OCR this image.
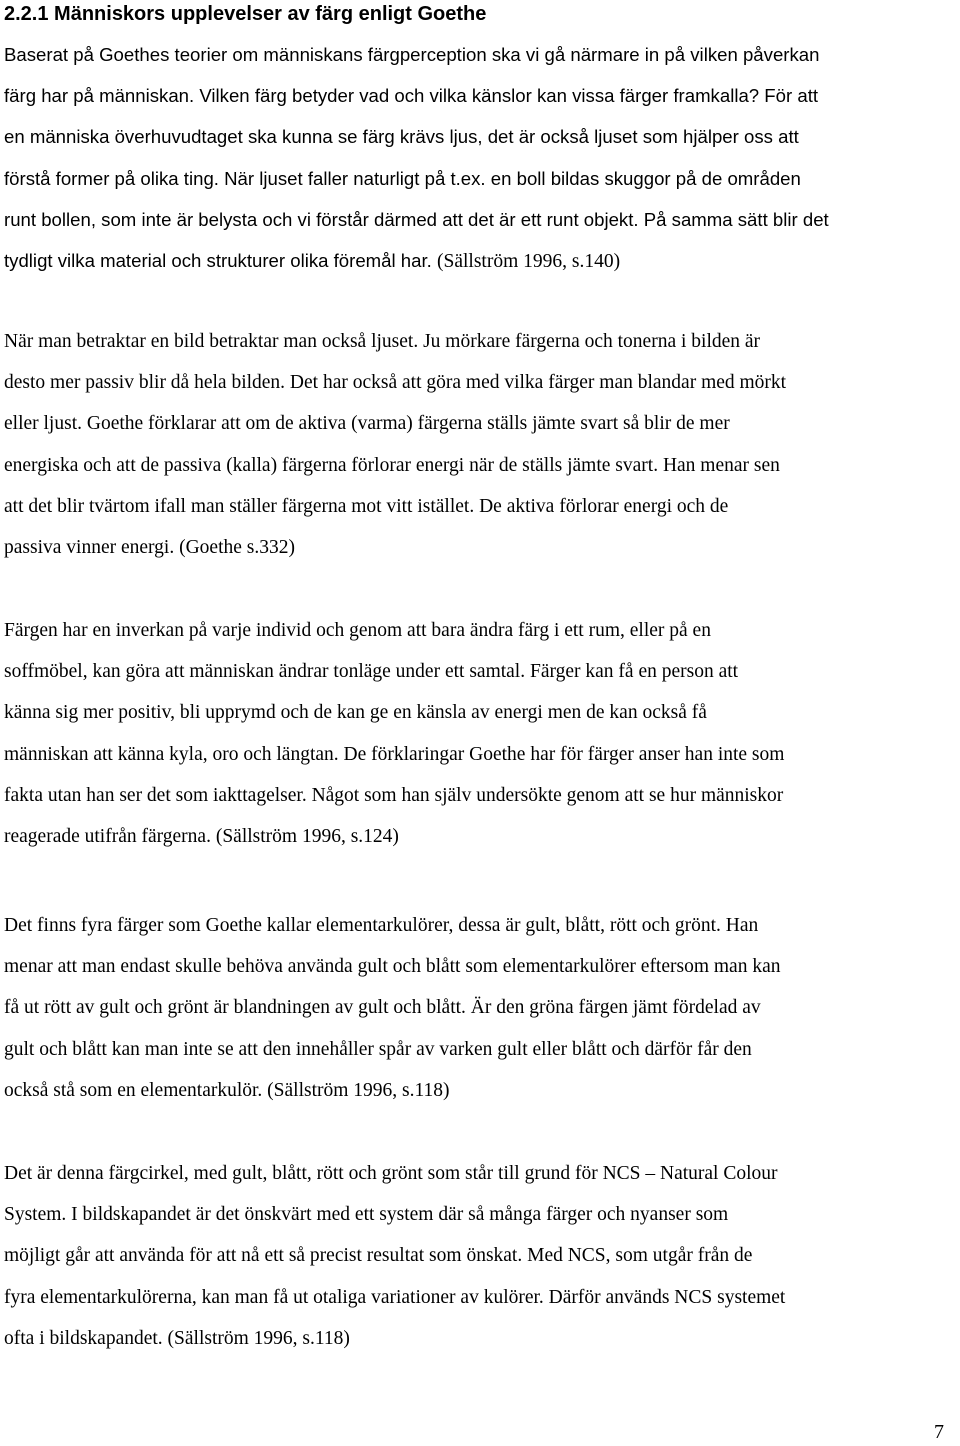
2.2.1 Människors upplevelser av färg enligt Goethe

Baserat på Goethes teorier om människans färgperception ska vi gå närmare in på vilken påverkan
färg har på människan. Vilken färg betyder vad och vilka känslor kan vissa färger framkalla? För att
en människa överhuvudtaget ska kunna se färg krävs ljus, det är också ljuset som hjälper oss att
förstå former på olika ting. När ljuset faller naturligt på t.ex. en boll bildas skuggor på de områden
runt bollen, som inte är belysta och vi förstår därmed att det är ett runt objekt. På samma sätt blir det
tydligt vilka material och strukturer olika föremål har. (Sällström 1996, s.140)

När man betraktar en bild betraktar man också ljuset. Ju mörkare färgerna och tonerna i bilden är
desto mer passiv blir då hela bilden. Det har också att göra med vilka färger man blandar med mörkt
eller ljust. Goethe förklarar att om de aktiva (varma) färgerna ställs jämte svart så blir de mer
energiska och att de passiva (kalla) färgerna förlorar energi när de ställs jämte svart. Han menar sen
att det blir tvärtom ifall man ställer färgerna mot vitt istället. De aktiva förlorar energi och de
passiva vinner energi. (Goethe s.332)

Färgen har en inverkan på varje individ och genom att bara ändra färg i ett rum, eller på en
soffmöbel, kan göra att människan ändrar tonläge under ett samtal. Färger kan få en person att
känna sig mer positiv, bli upprymd och de kan ge en känsla av energi men de kan också få
människan att känna kyla, oro och längtan. De förklaringar Goethe har för färger anser han inte som
fakta utan han ser det som iakttagelser. Något som han själv undersökte genom att se hur människor
reagerade utifrån färgerna. (Sällström 1996, s.124)

Det finns fyra färger som Goethe kallar elementarkulörer, dessa är gult, blått, rött och grönt. Han
menar att man endast skulle behöva använda gult och blått som elementarkulörer eftersom man kan
få ut rött av gult och grönt är blandningen av gult och blått. Är den gröna färgen jämt fördelad av
gult och blått kan man inte se att den innehåller spår av varken gult eller blått och därför får den
också stå som en elementarkulör. (Sällström 1996, s.118)

Det är denna färgcirkel, med gult, blått, rött och grönt som står till grund för NCS – Natural Colour
System. I bildskapandet är det önskvärt med ett system där så många färger och nyanser som
möjligt går att använda för att nå ett så precist resultat som önskat. Med NCS, som utgår från de
fyra elementarkulörerna, kan man få ut otaliga variationer av kulörer. Därför används NCS systemet
ofta i bildskapandet. (Sällström 1996, s.118)

7
